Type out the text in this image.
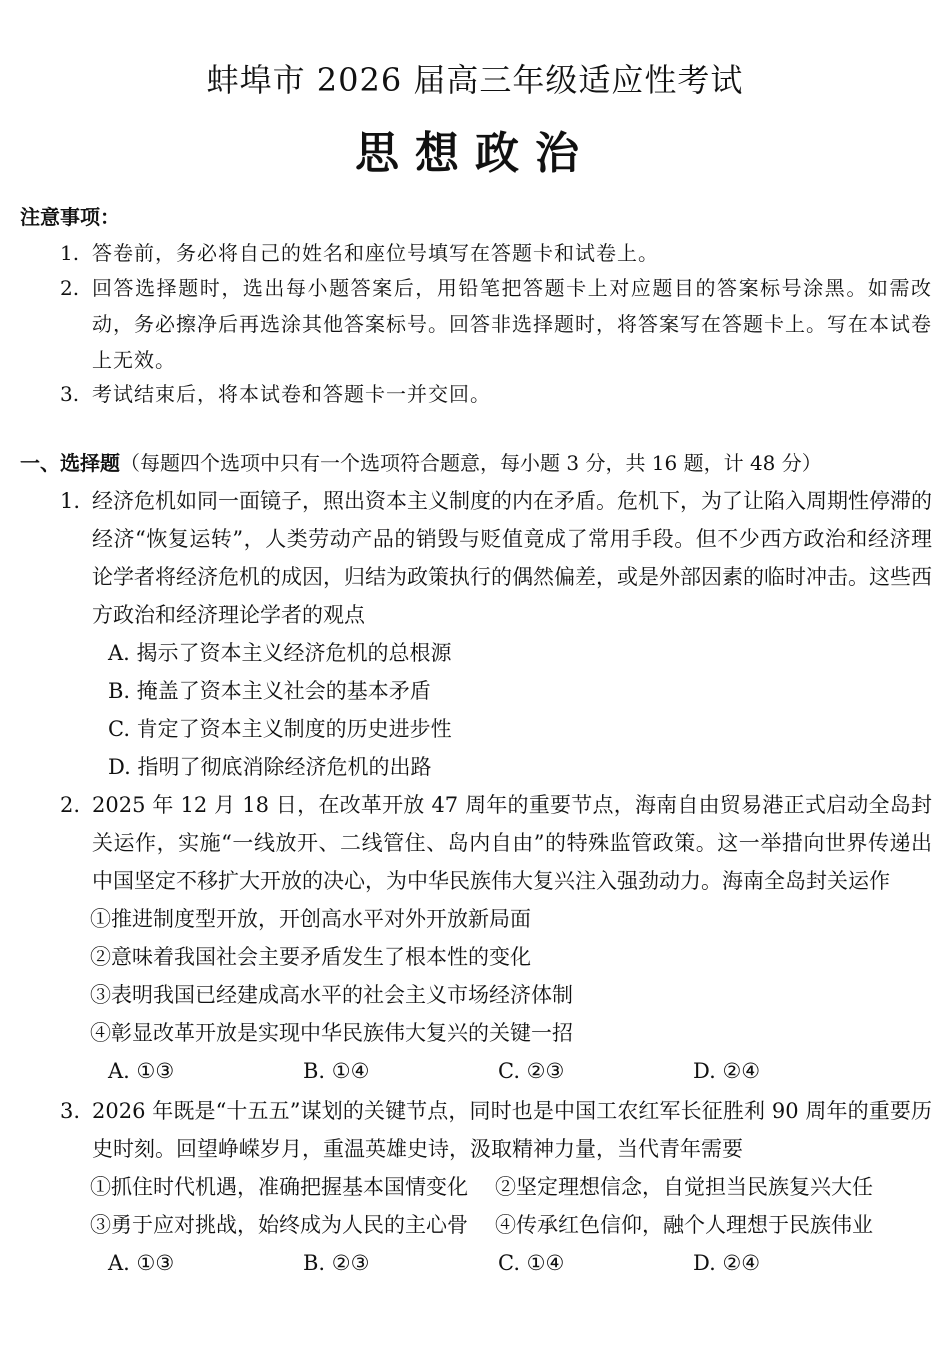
蚌埠市 2026 届高三年级适应性考试
思想政治
注意事项：
1. 答卷前，务必将自己的姓名和座位号填写在答题卡和试卷上。
2. 回答选择题时，选出每小题答案后，用铅笔把答题卡上对应题目的答案标号涂黑。如需改动，务必擦净后再选涂其他答案标号。回答非选择题时，将答案写在答题卡上。写在本试卷上无效。
3. 考试结束后，将本试卷和答题卡一并交回。
一、选择题（每题四个选项中只有一个选项符合题意，每小题 3 分，共 16 题，计 48 分）
1. 经济危机如同一面镜子，照出资本主义制度的内在矛盾。危机下，为了让陷入周期性停滞的经济“恢复运转”，人类劳动产品的销毁与贬值竟成了常用手段。但不少西方政治和经济理论学者将经济危机的成因，归结为政策执行的偶然偏差，或是外部因素的临时冲击。这些西方政治和经济理论学者的观点
A. 揭示了资本主义经济危机的总根源
B. 掩盖了资本主义社会的基本矛盾
C. 肯定了资本主义制度的历史进步性
D. 指明了彻底消除经济危机的出路
2. 2025 年 12 月 18 日，在改革开放 47 周年的重要节点，海南自由贸易港正式启动全岛封关运作，实施“一线放开、二线管住、岛内自由”的特殊监管政策。这一举措向世界传递出中国坚定不移扩大开放的决心，为中华民族伟大复兴注入强劲动力。海南全岛封关运作
①推进制度型开放，开创高水平对外开放新局面
②意味着我国社会主要矛盾发生了根本性的变化
③表明我国已经建成高水平的社会主义市场经济体制
④彰显改革开放是实现中华民族伟大复兴的关键一招
A. ①③	B. ①④	C. ②③	D. ②④
3. 2026 年既是“十五五”谋划的关键节点，同时也是中国工农红军长征胜利 90 周年的重要历史时刻。回望峥嵘岁月，重温英雄史诗，汲取精神力量，当代青年需要
①抓住时代机遇，准确把握基本国情变化	②坚定理想信念，自觉担当民族复兴大任
③勇于应对挑战，始终成为人民的主心骨	④传承红色信仰，融个人理想于民族伟业
A. ①③	B. ②③	C. ①④	D. ②④
